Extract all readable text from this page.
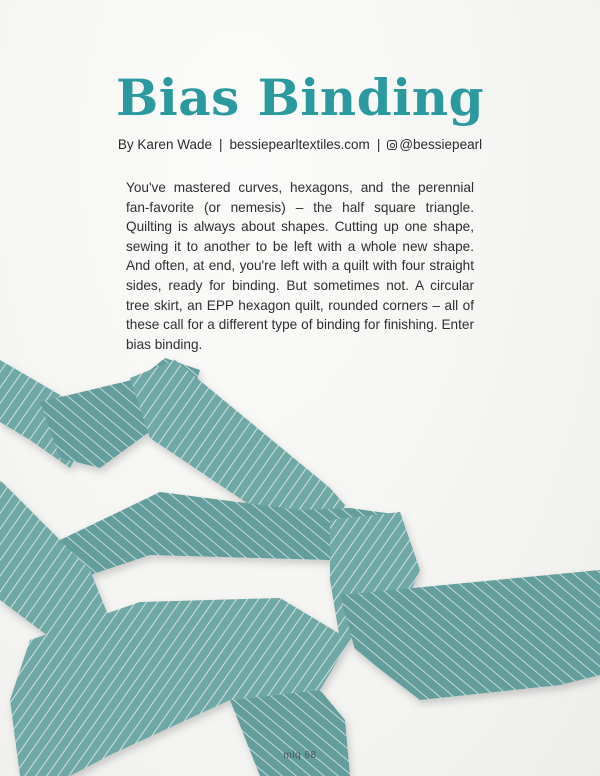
Bias Binding
By Karen Wade | bessiepearltextiles.com | @bessiepearl

You've mastered curves, hexagons, and the perennial fan-favorite (or nemesis) – the half square triangle. Quilting is always about shapes. Cutting up one shape, sewing it to another to be left with a whole new shape. And often, at end, you're left with a quilt with four straight sides, ready for binding. But sometimes not. A circular tree skirt, an EPP hexagon quilt, rounded corners – all of these call for a different type of binding for finishing. Enter bias binding.

mlq 68
